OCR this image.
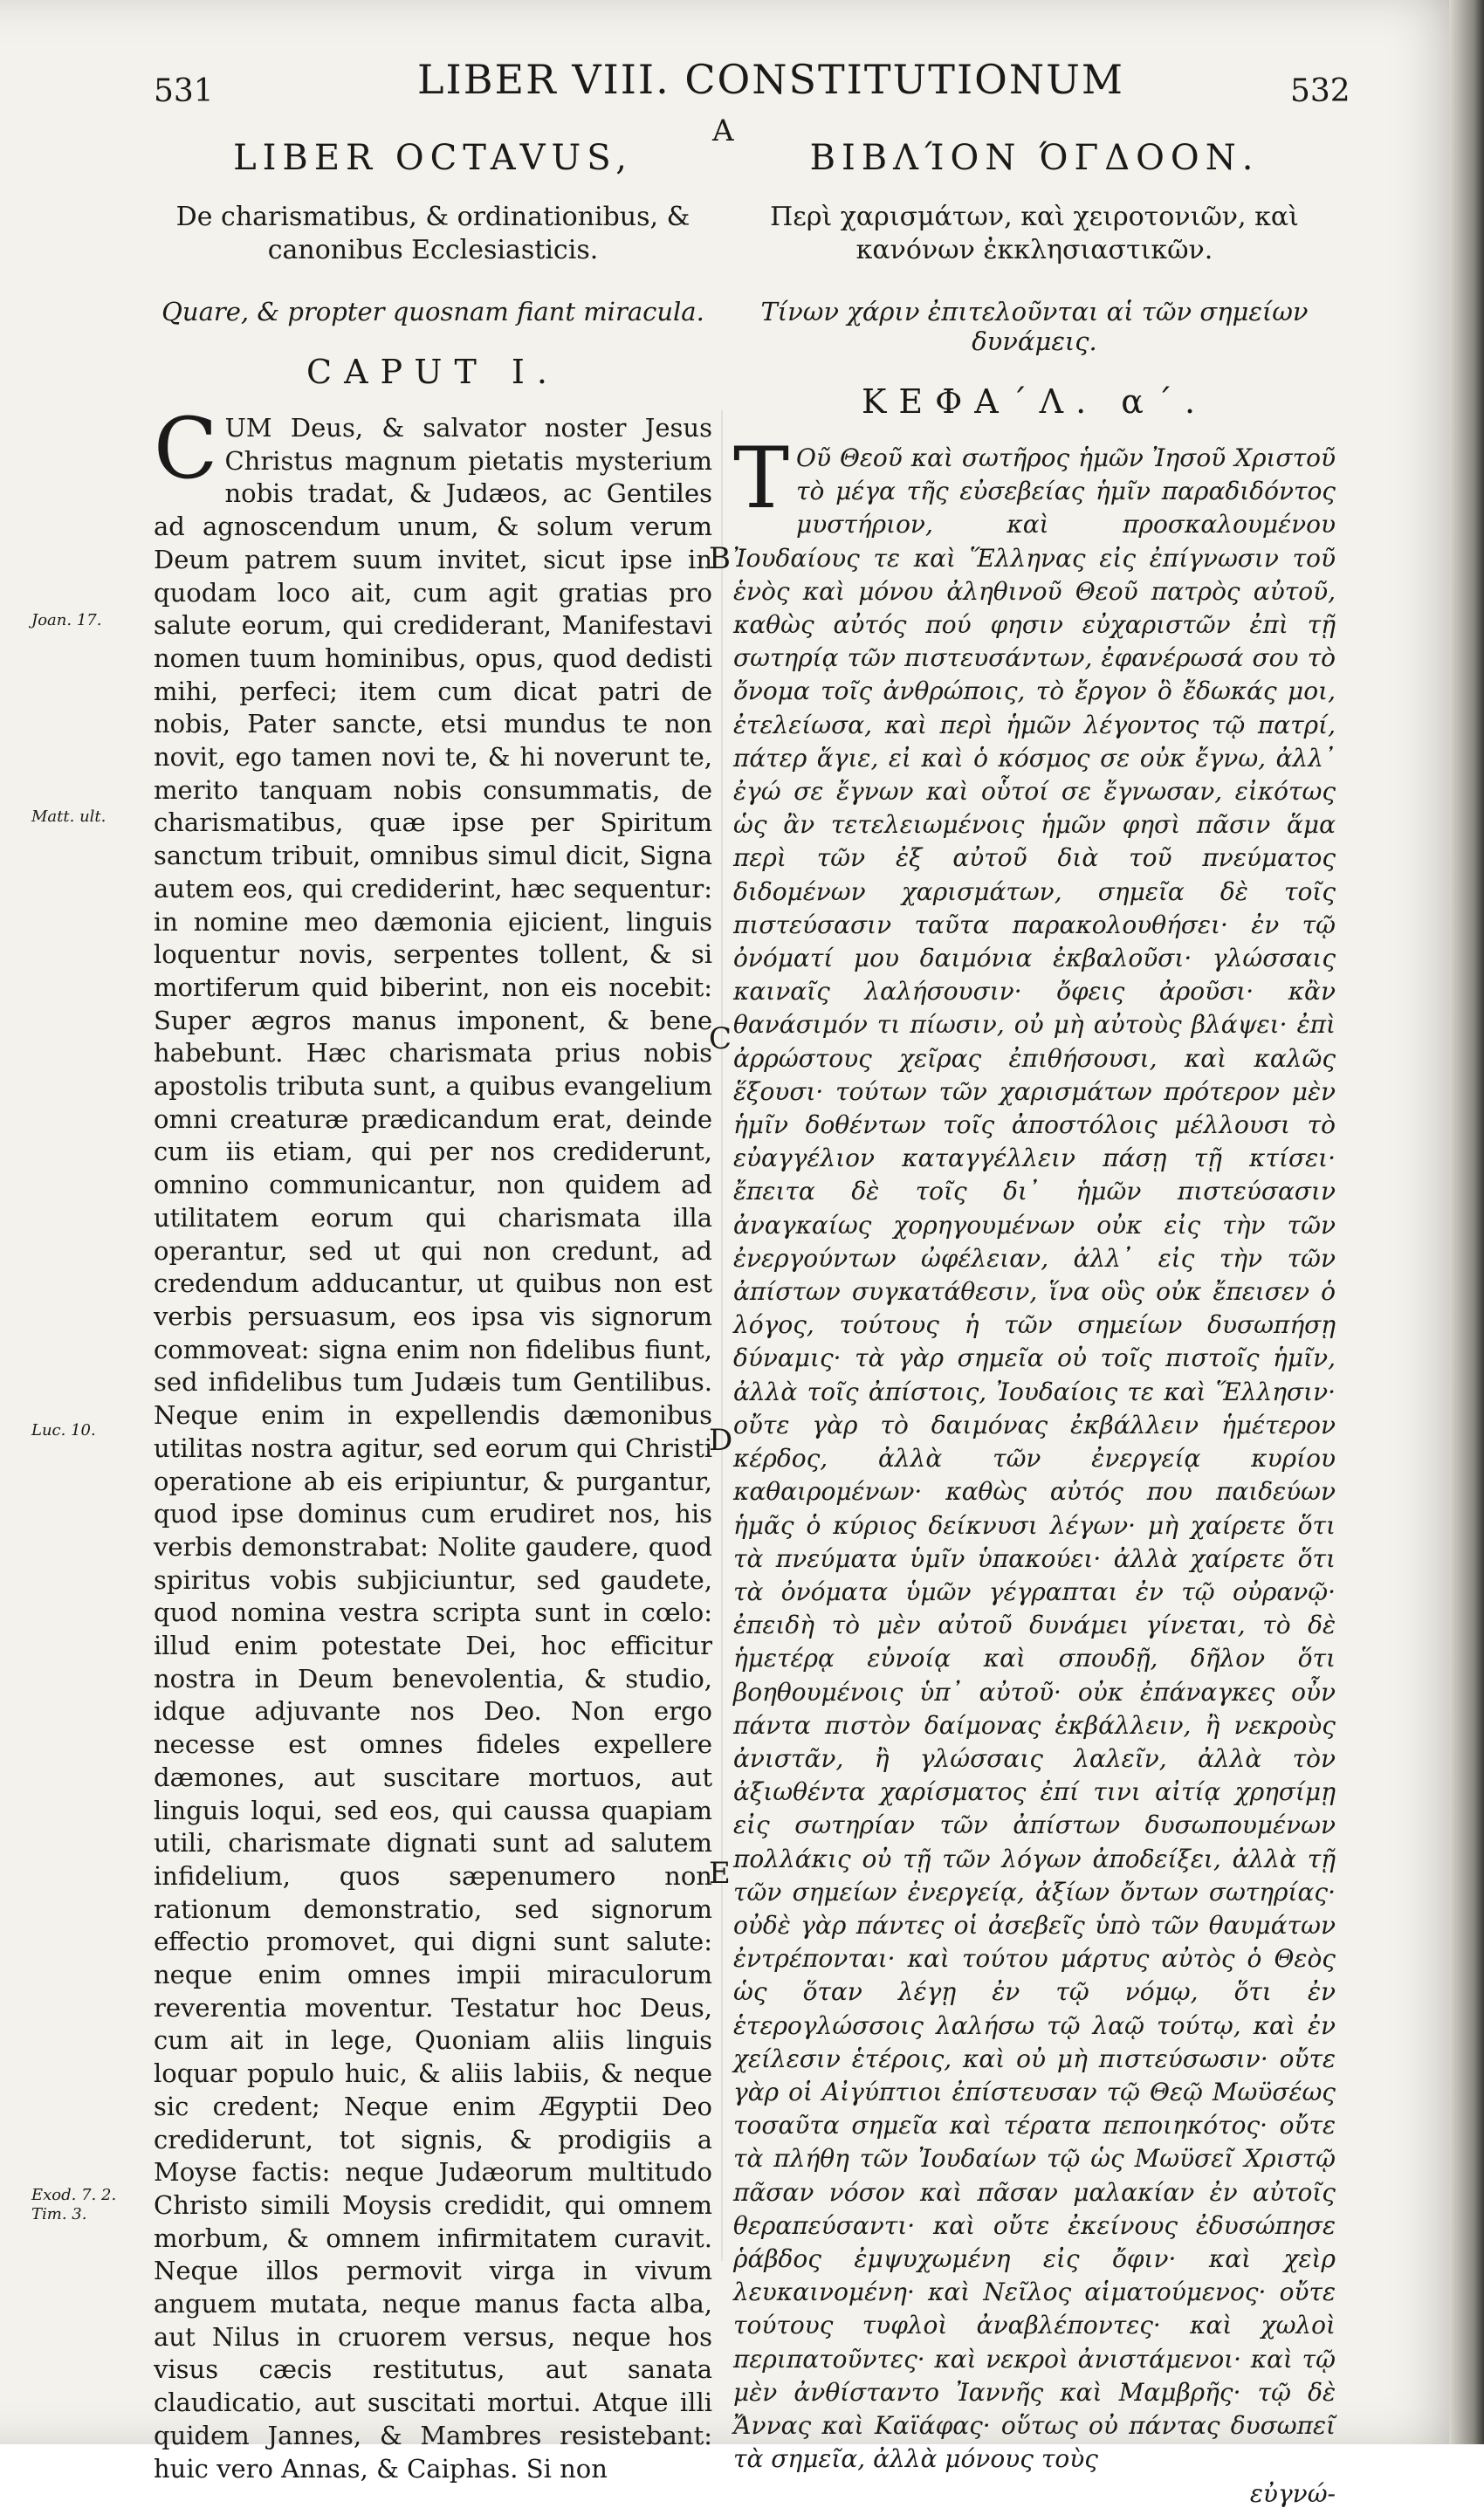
531	LIBER VIII. CONSTITUTIONUM	532
A
LIBER OCTAVUS,
De charismatibus, & ordinationibus, & canonibus Ecclesiasticis.
Quare, & propter quosnam fiant miracula.
CAPUT I.
C UM Deus, & salvator noster Jesus Christus magnum pietatis mysterium nobis tradat, & Judæos, ac Gentiles ad agnoscendum unum, & solum verum Deum patrem suum invitet, sicut ipse in quodam loco ait, cum agit gratias pro salute eorum, qui crediderant, Manifestavi nomen tuum hominibus, opus, quod dedisti mihi, perfeci; item cum dicat patri de nobis, Pater sancte, etsi mundus te non novit, ego tamen novi te, & hi noverunt te, merito tanquam nobis consummatis, de charismatibus, quæ ipse per Spiritum sanctum tribuit, omnibus simul dicit, Signa autem eos, qui crediderint, hæc sequentur: in nomine meo dæmonia ejicient, linguis loquentur novis, serpentes tollent, & si mortiferum quid biberint, non eis nocebit: Super ægros manus imponent, & bene habebunt. Hæc charismata prius nobis apostolis tributa sunt, a quibus evangelium omni creaturæ prædicandum erat, deinde cum iis etiam, qui per nos crediderunt, omnino communicantur, non quidem ad utilitatem eorum qui charismata illa operantur, sed ut qui non credunt, ad credendum adducantur, ut quibus non est verbis persuasum, eos ipsa vis signorum commoveat: signa enim non fidelibus fiunt, sed infidelibus tum Judæis tum Gentilibus. Neque enim in expellendis dæmonibus utilitas nostra agitur, sed eorum qui Christi operatione ab eis eripiuntur, & purgantur, quod ipse dominus cum erudiret nos, his verbis demonstrabat: Nolite gaudere, quod spiritus vobis subjiciuntur, sed gaudete, quod nomina vestra scripta sunt in cœlo: illud enim potestate Dei, hoc efficitur nostra in Deum benevolentia, & studio, idque adjuvante nos Deo. Non ergo necesse est omnes fideles expellere dæmones, aut suscitare mortuos, aut linguis loqui, sed eos, qui caussa quapiam utili, charismate dignati sunt ad salutem infidelium, quos sæpenumero non rationum demonstratio, sed signorum effectio promovet, qui digni sunt salute: neque enim omnes impii miraculorum reverentia moventur. Testatur hoc Deus, cum ait in lege, Quoniam aliis linguis loquar populo huic, & aliis labiis, & neque sic credent; Neque enim Ægyptii Deo crediderunt, tot signis, & prodigiis a Moyse factis: neque Judæorum multitudo Christo simili Moysis credidit, qui omnem morbum, & omnem infirmitatem curavit. Neque illos permovit virga in vivum anguem mutata, neque manus facta alba, aut Nilus in cruorem versus, neque hos visus cæcis restitutus, aut sanata claudicatio, aut suscitati mortui. Atque illi quidem Jannes, & Mambres resistebant: huic vero Annas, & Caiphas. Si non
ΒΙΒΛΊΟΝ ΌΓΔΟΟΝ.
Περὶ χαρισμάτων, καὶ χειροτονιῶν, καὶ κανόνων ἐκκλησιαστικῶν.
Τίνων χάριν ἐπιτελοῦνται αἱ τῶν σημείων δυνάμεις.
ΚΕΦΑ΄Λ. α΄.
T Οῦ Θεοῦ καὶ σωτῆρος ἡμῶν Ἰησοῦ Χριστοῦ τὸ μέγα τῆς εὐσεβείας ἡμῖν παραδιδόντος μυστήριον, καὶ προσκαλουμένου Ἰουδαίους τε καὶ Ἕλληνας εἰς ἐπίγνωσιν τοῦ ἑνὸς καὶ μόνου ἀληθινοῦ Θεοῦ πατρὸς αὐτοῦ, καθὼς αὐτός πού φησιν εὐχαριστῶν ἐπὶ τῇ σωτηρίᾳ τῶν πιστευσάντων, ἐφανέρωσά σου τὸ ὄνομα τοῖς ἀνθρώποις, τὸ ἔργον ὃ ἔδωκάς μοι, ἐτελείωσα, καὶ περὶ ἡμῶν λέγοντος τῷ πατρί, πάτερ ἅγιε, εἰ καὶ ὁ κόσμος σε οὐκ ἔγνω, ἀλλ᾽ ἐγώ σε ἔγνων καὶ οὗτοί σε ἔγνωσαν, εἰκότως ὡς ἂν τετελειωμένοις ἡμῶν φησὶ πᾶσιν ἅμα περὶ τῶν ἐξ αὐτοῦ διὰ τοῦ πνεύματος διδομένων χαρισμάτων, σημεῖα δὲ τοῖς πιστεύσασιν ταῦτα παρακολουθήσει· ἐν τῷ ὀνόματί μου δαιμόνια ἐκβαλοῦσι· γλώσσαις καιναῖς λαλήσουσιν· ὄφεις ἀροῦσι· κἂν θανάσιμόν τι πίωσιν, οὐ μὴ αὐτοὺς βλάψει· ἐπὶ ἀρρώστους χεῖρας ἐπιθήσουσι, καὶ καλῶς ἕξουσι· τούτων τῶν χαρισμάτων πρότερον μὲν ἡμῖν δοθέντων τοῖς ἀποστόλοις μέλλουσι τὸ εὐαγγέλιον καταγγέλλειν πάσῃ τῇ κτίσει· ἔπειτα δὲ τοῖς δι᾽ ἡμῶν πιστεύσασιν ἀναγκαίως χορηγουμένων οὐκ εἰς τὴν τῶν ἐνεργούντων ὠφέλειαν, ἀλλ᾽ εἰς τὴν τῶν ἀπίστων συγκατάθεσιν, ἵνα οὓς οὐκ ἔπεισεν ὁ λόγος, τούτους ἡ τῶν σημείων δυσωπήσῃ δύναμις· τὰ γὰρ σημεῖα οὐ τοῖς πιστοῖς ἡμῖν, ἀλλὰ τοῖς ἀπίστοις, Ἰουδαίοις τε καὶ Ἕλλησιν· οὔτε γὰρ τὸ δαιμόνας ἐκβάλλειν ἡμέτερον κέρδος, ἀλλὰ τῶν ἐνεργείᾳ κυρίου καθαιρομένων· καθὼς αὐτός που παιδεύων ἡμᾶς ὁ κύριος δείκνυσι λέγων· μὴ χαίρετε ὅτι τὰ πνεύματα ὑμῖν ὑπακούει· ἀλλὰ χαίρετε ὅτι τὰ ὀνόματα ὑμῶν γέγραπται ἐν τῷ οὐρανῷ· ἐπειδὴ τὸ μὲν αὐτοῦ δυνάμει γίνεται, τὸ δὲ ἡμετέρᾳ εὐνοίᾳ καὶ σπουδῇ, δῆλον ὅτι βοηθουμένοις ὑπ᾽ αὐτοῦ· οὐκ ἐπάναγκες οὖν πάντα πιστὸν δαίμονας ἐκβάλλειν, ἢ νεκροὺς ἀνιστᾶν, ἢ γλώσσαις λαλεῖν, ἀλλὰ τὸν ἀξιωθέντα χαρίσματος ἐπί τινι αἰτίᾳ χρησίμῃ εἰς σωτηρίαν τῶν ἀπίστων δυσωπουμένων πολλάκις οὐ τῇ τῶν λόγων ἀποδείξει, ἀλλὰ τῇ τῶν σημείων ἐνεργείᾳ, ἀξίων ὄντων σωτηρίας· οὐδὲ γὰρ πάντες οἱ ἀσεβεῖς ὑπὸ τῶν θαυμάτων ἐντρέπονται· καὶ τούτου μάρτυς αὐτὸς ὁ Θεὸς ὡς ὅταν λέγῃ ἐν τῷ νόμῳ, ὅτι ἐν ἑτερογλώσσοις λαλήσω τῷ λαῷ τούτῳ, καὶ ἐν χείλεσιν ἑτέροις, καὶ οὐ μὴ πιστεύσωσιν· οὔτε γὰρ οἱ Αἰγύπτιοι ἐπίστευσαν τῷ Θεῷ Μωϋσέως τοσαῦτα σημεῖα καὶ τέρατα πεποιηκότος· οὔτε τὰ πλήθη τῶν Ἰουδαίων τῷ ὡς Μωϋσεῖ Χριστῷ πᾶσαν νόσον καὶ πᾶσαν μαλακίαν ἐν αὐτοῖς θεραπεύσαντι· καὶ οὔτε ἐκείνους ἐδυσώπησε ῥάβδος ἐμψυχωμένη εἰς ὄφιν· καὶ χεὶρ λευκαινομένη· καὶ Νεῖλος αἱματούμενος· οὔτε τούτους τυφλοὶ ἀναβλέποντες· καὶ χωλοὶ περιπατοῦντες· καὶ νεκροὶ ἀνιστάμενοι· καὶ τῷ μὲν ἀνθίσταντο Ἰαννῆς καὶ Μαμβρῆς· τῷ δὲ Ἄννας καὶ Καϊάφας· οὕτως οὐ πάντας δυσωπεῖ τὰ σημεῖα, ἀλλὰ μόνους τοὺς
εὐγνώ-
Joan. 17.
Matt. ult.
Luc. 10.
Exod. 7. 2. Tim. 3.
B
C
D
E
